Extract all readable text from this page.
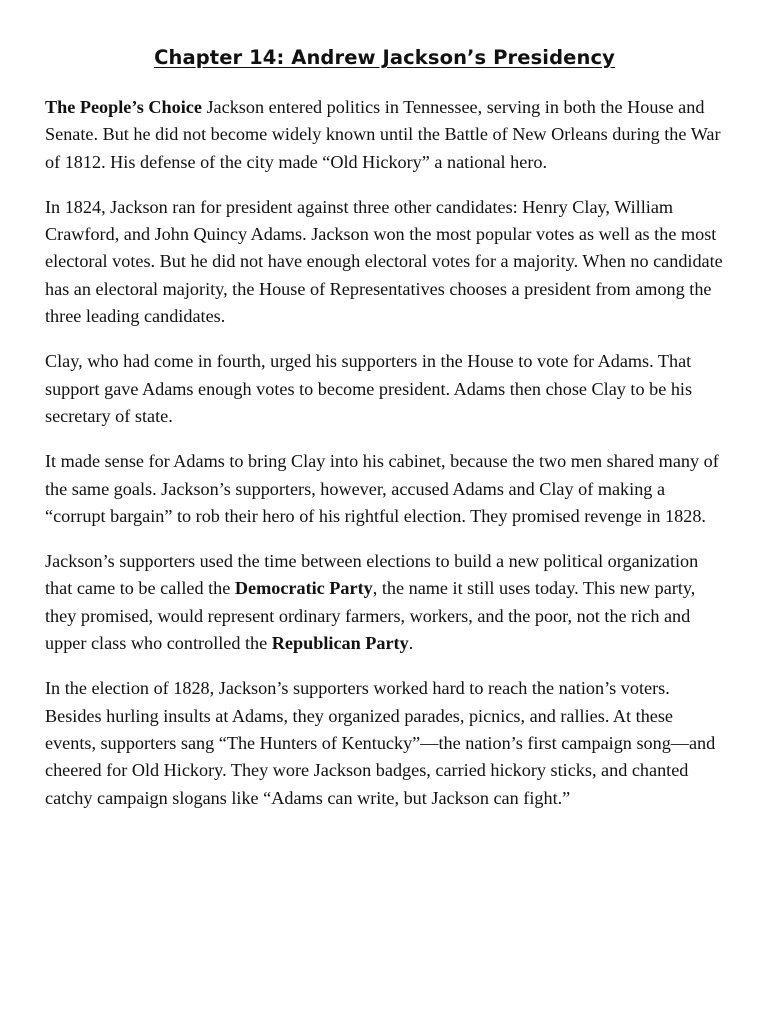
Chapter 14: Andrew Jackson’s Presidency

The People’s Choice Jackson entered politics in Tennessee, serving in both the House and Senate. But he did not become widely known until the Battle of New Orleans during the War of 1812. His defense of the city made “Old Hickory” a national hero.

In 1824, Jackson ran for president against three other candidates: Henry Clay, William Crawford, and John Quincy Adams. Jackson won the most popular votes as well as the most electoral votes. But he did not have enough electoral votes for a majority. When no candidate has an electoral majority, the House of Representatives chooses a president from among the three leading candidates.

Clay, who had come in fourth, urged his supporters in the House to vote for Adams. That support gave Adams enough votes to become president. Adams then chose Clay to be his secretary of state.

It made sense for Adams to bring Clay into his cabinet, because the two men shared many of the same goals. Jackson’s supporters, however, accused Adams and Clay of making a “corrupt bargain” to rob their hero of his rightful election. They promised revenge in 1828.

Jackson’s supporters used the time between elections to build a new political organization that came to be called the Democratic Party, the name it still uses today. This new party, they promised, would represent ordinary farmers, workers, and the poor, not the rich and upper class who controlled the Republican Party.

In the election of 1828, Jackson’s supporters worked hard to reach the nation’s voters. Besides hurling insults at Adams, they organized parades, picnics, and rallies. At these events, supporters sang “The Hunters of Kentucky”—the nation’s first campaign song—and cheered for Old Hickory. They wore Jackson badges, carried hickory sticks, and chanted catchy campaign slogans like “Adams can write, but Jackson can fight.”
